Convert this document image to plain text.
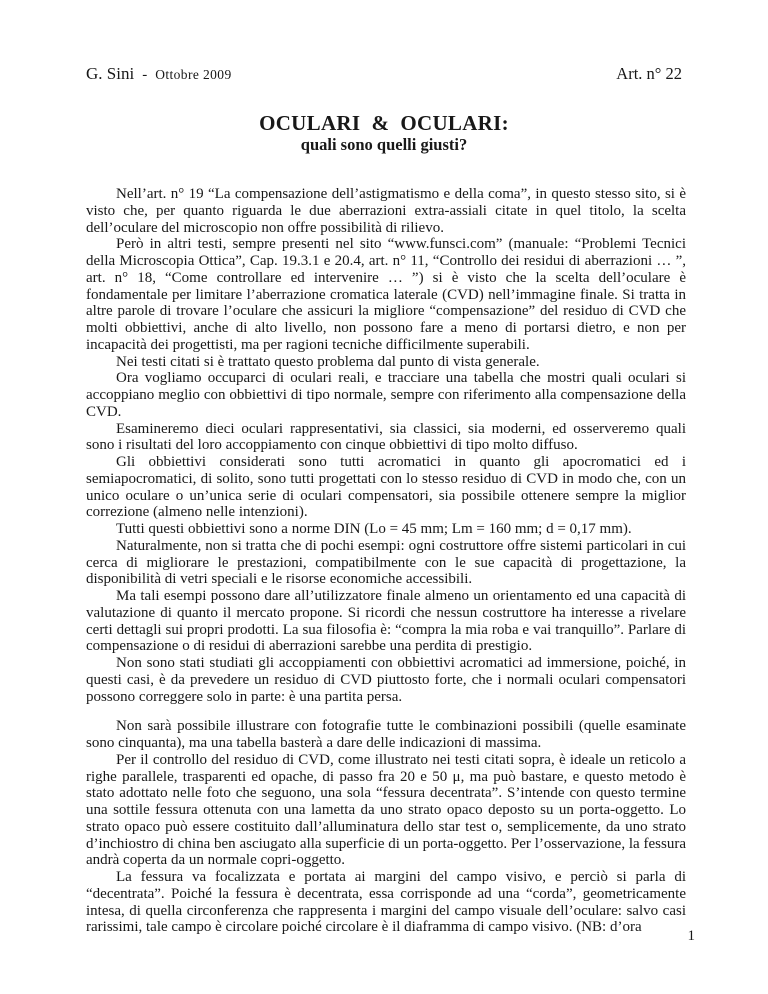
G. Sini - Ottobre 2009	Art. n° 22
OCULARI  &  OCULARI:
quali sono quelli giusti?

Nell’art. n° 19 “La compensazione dell’astigmatismo e della coma”, in questo stesso sito, si è visto che, per quanto riguarda le due aberrazioni extra-assiali citate in quel titolo, la scelta dell’oculare del microscopio non offre possibilità di rilievo.

Però in altri testi, sempre presenti nel sito “www.funsci.com” (manuale: “Problemi Tecnici della Microscopia Ottica”, Cap. 19.3.1 e 20.4, art. n° 11, “Controllo dei residui di aberrazioni … ”, art. n° 18, “Come controllare ed intervenire … ”) si è visto che la scelta dell’oculare è fondamentale per limitare l’aberrazione cromatica laterale (CVD) nell’immagine finale. Si tratta in altre parole di trovare l’oculare che assicuri la migliore “compensazione” del residuo di CVD che molti obbiettivi, anche di alto livello, non possono fare a meno di portarsi dietro, e non per incapacità dei progettisti, ma per ragioni tecniche difficilmente superabili.

Nei testi citati si è trattato questo problema dal punto di vista generale.

Ora vogliamo occuparci di oculari reali, e tracciare una tabella che mostri quali oculari si accoppiano meglio con obbiettivi di tipo normale, sempre con riferimento alla compensazione della CVD.

Esamineremo dieci oculari rappresentativi, sia classici, sia moderni, ed osserveremo quali sono i risultati del loro accoppiamento con cinque obbiettivi di tipo molto diffuso.

Gli obbiettivi considerati sono tutti acromatici in quanto gli apocromatici ed i semiapocromatici, di solito, sono tutti progettati con lo stesso residuo di CVD in modo che, con un unico oculare o un’unica serie di oculari compensatori, sia possibile ottenere sempre la miglior correzione (almeno nelle intenzioni).

Tutti questi obbiettivi sono a norme DIN (Lo = 45 mm; Lm = 160 mm; d = 0,17 mm).

Naturalmente, non si tratta che di pochi esempi: ogni costruttore offre sistemi particolari in cui cerca di migliorare le prestazioni, compatibilmente con le sue capacità di progettazione, la disponibilità di vetri speciali e le risorse economiche accessibili.

Ma tali esempi possono dare all’utilizzatore finale almeno un orientamento ed una capacità di valutazione di quanto il mercato propone. Si ricordi che nessun costruttore ha interesse a rivelare certi dettagli sui propri prodotti. La sua filosofia è: “compra la mia roba e vai tranquillo”. Parlare di compensazione o di residui di aberrazioni sarebbe una perdita di prestigio.

Non sono stati studiati gli accoppiamenti con obbiettivi acromatici ad immersione, poiché, in questi casi, è da prevedere un residuo di CVD piuttosto forte, che i normali oculari compensatori possono correggere solo in parte: è una partita persa.

Non sarà possibile illustrare con fotografie tutte le combinazioni possibili (quelle esaminate sono cinquanta), ma una tabella basterà a dare delle indicazioni di massima.

Per il controllo del residuo di CVD, come illustrato nei testi citati sopra, è ideale un reticolo a righe parallele, trasparenti ed opache, di passo fra 20 e 50 μ, ma può bastare, e questo metodo è stato adottato nelle foto che seguono, una sola “fessura decentrata”. S’intende con questo termine una sottile fessura ottenuta con una lametta da uno strato opaco deposto su un porta-oggetto. Lo strato opaco può essere costituito dall’alluminatura dello star test o, semplicemente, da uno strato d’inchiostro di china ben asciugato alla superficie di un porta-oggetto. Per l’osservazione, la fessura andrà coperta da un normale copri-oggetto.

La fessura va focalizzata e portata ai margini del campo visivo, e perciò si parla di “decentrata”. Poiché la fessura è decentrata, essa corrisponde ad una “corda”, geometricamente intesa, di quella circonferenza che rappresenta i margini del campo visuale dell’oculare: salvo casi rarissimi, tale campo è circolare poiché circolare è il diaframma di campo visivo. (NB: d’ora

1
